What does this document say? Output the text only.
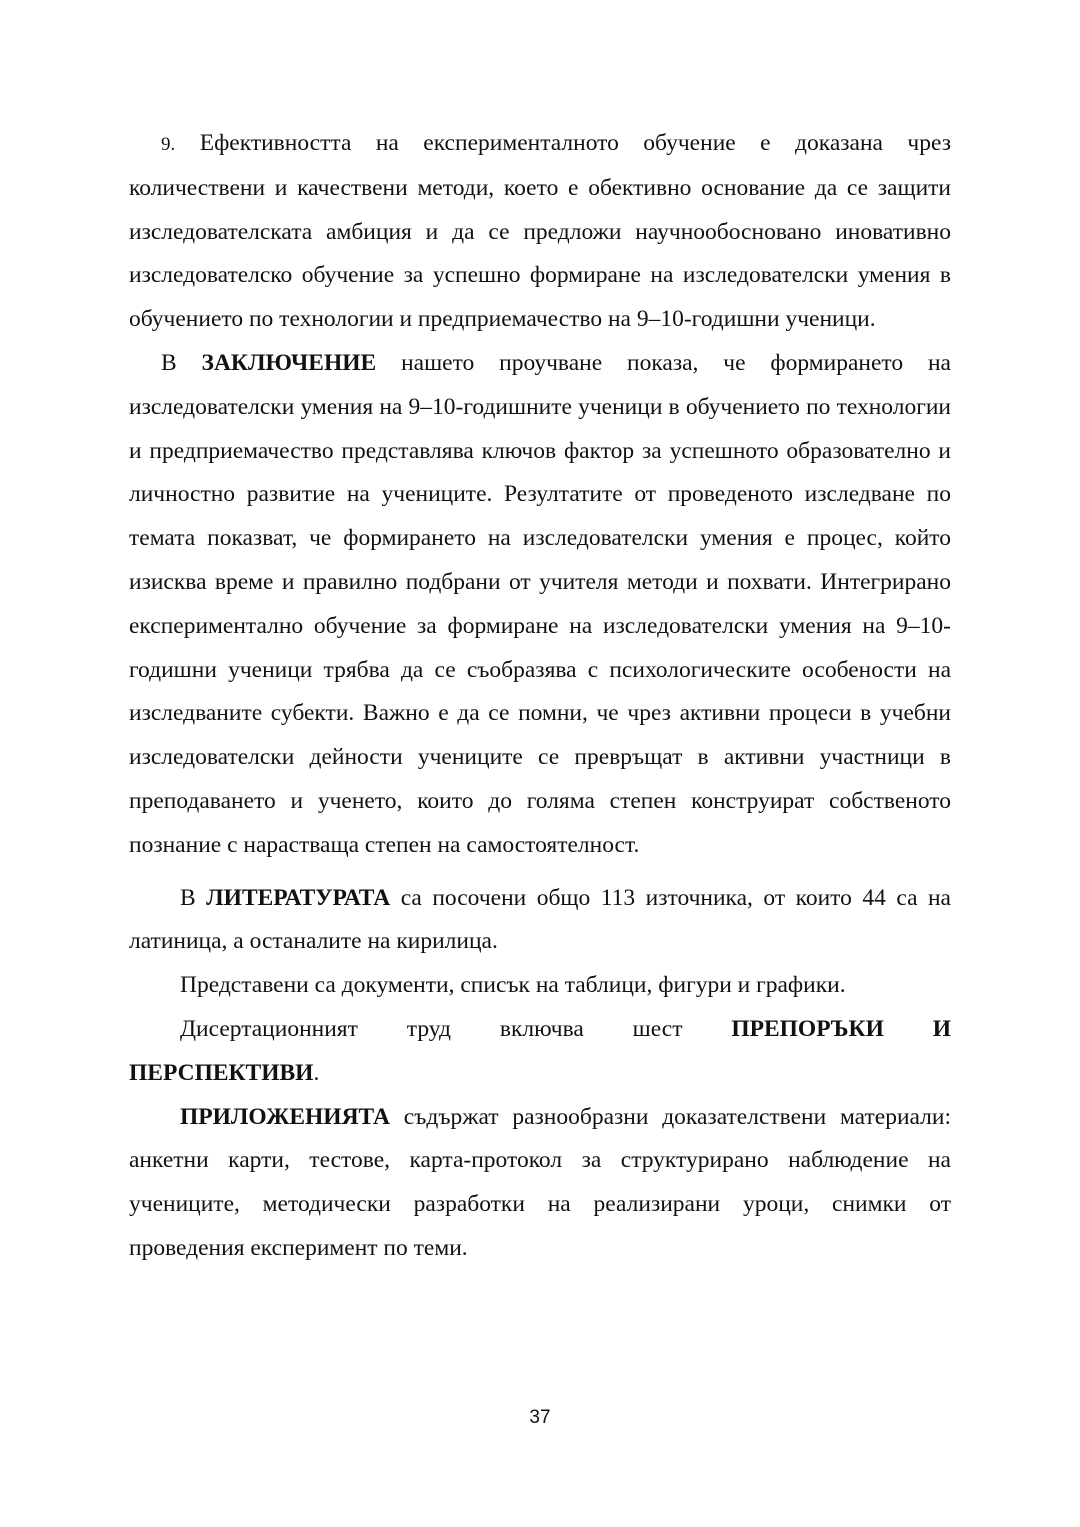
9. Ефективността на експерименталното обучение е доказана чрез количествени и качествени методи, което е обективно основание да се защити изследователската амбиция и да се предложи научнообосновано иновативно изследователско обучение за успешно формиране на изследователски умения в обучението по технологии и предприемачество на 9–10-годишни ученици.

В ЗАКЛЮЧЕНИЕ нашето проучване показа, че формирането на изследователски умения на 9–10-годишните ученици в обучението по технологии и предприемачество представлява ключов фактор за успешното образователно и личностно развитие на учениците. Резултатите от проведеното изследване по темата показват, че формирането на изследователски умения е процес, който изисква време и правилно подбрани от учителя методи и похвати. Интегрирано експериментално обучение за формиране на изследователски умения на 9–10-годишни ученици трябва да се съобразява с психологическите особености на изследваните субекти. Важно е да се помни, че чрез активни процеси в учебни изследователски дейности учениците се превръщат в активни участници в преподаването и ученето, които до голяма степен конструират собственото познание с нарастваща степен на самостоятелност.

В ЛИТЕРАТУРАТА са посочени общо 113 източника, от които 44 са на латиница, а останалите на кирилица.

Представени са документи, списък на таблици, фигури и графики.

Дисертационният труд включва шест ПРЕПОРЪКИ И

ПЕРСПЕКТИВИ.

ПРИЛОЖЕНИЯТА съдържат разнообразни доказателствени материали: анкетни карти, тестове, карта-протокол за структурирано наблюдение на учениците, методически разработки на реализирани уроци, снимки от проведения експеримент по теми.

37
